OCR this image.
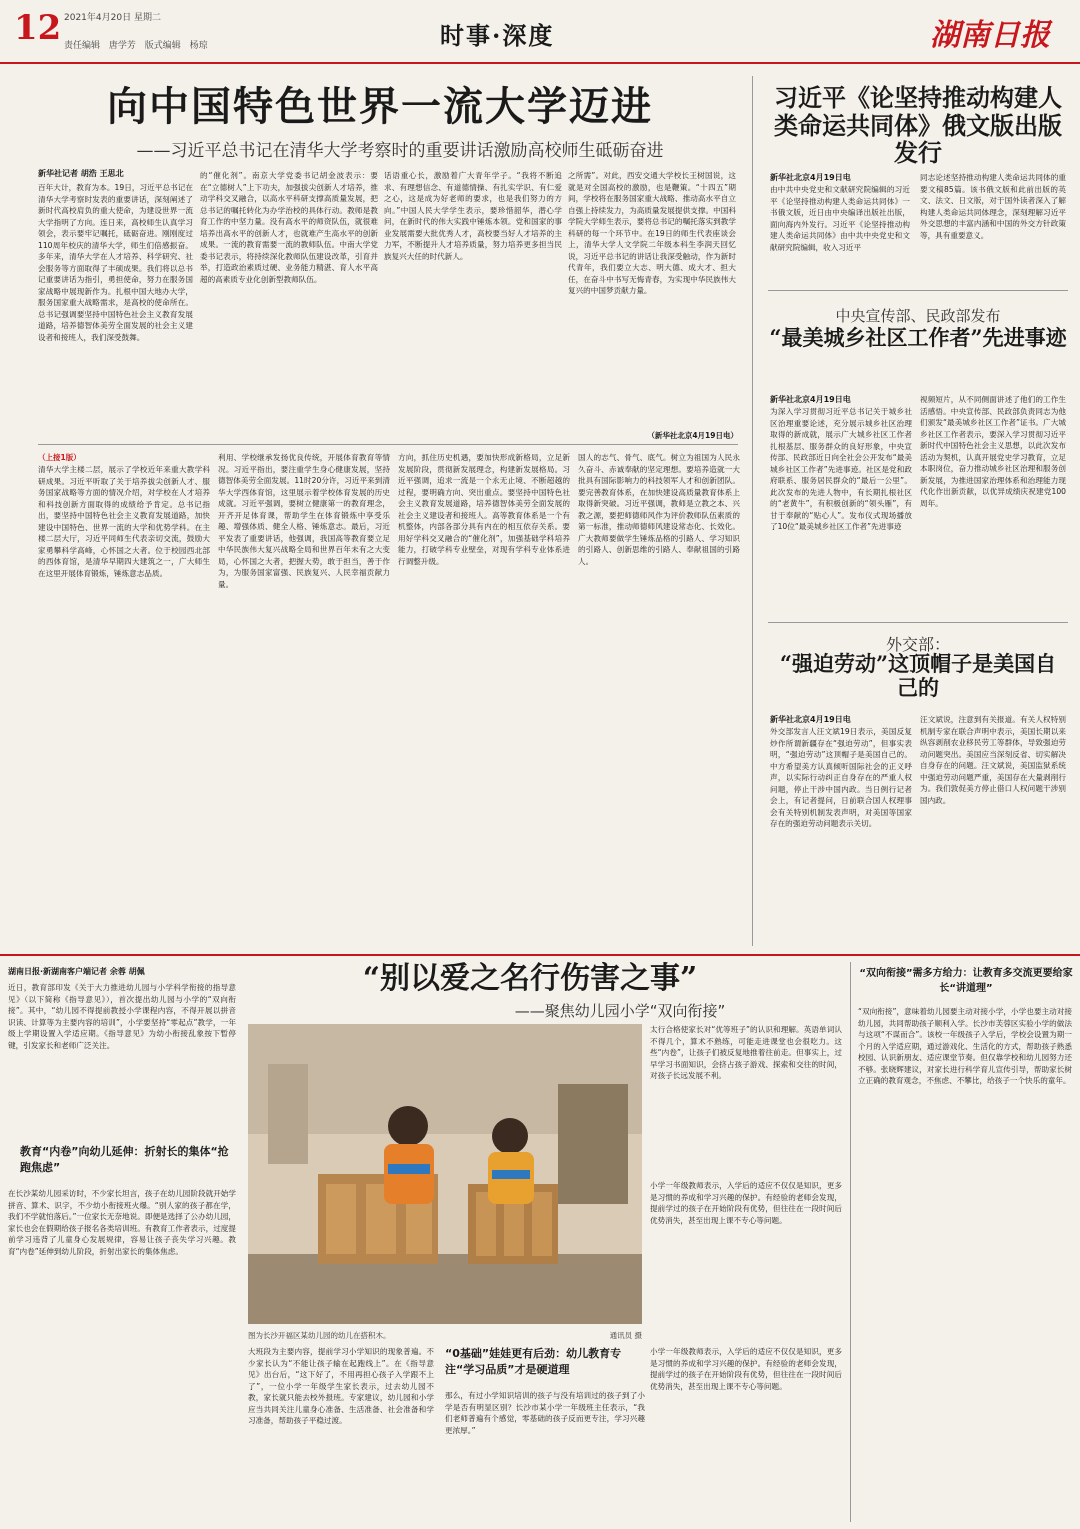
12 2021年4月20日 星期二
责任编辑 唐学芳 版式编辑 杨琼	时事·深度	湖南日报
向中国特色世界一流大学迈进
——习近平总书记在清华大学考察时的重要讲话激励高校师生砥砺奋进
新华社记者 胡浩 王思北
百年大计，教育为本。19日，习近平总书记在清华大学考察时发表的重要讲话，深刻阐述了新时代高校肩负的重大使命，为建设世界一流大学指明了方向。连日来，高校师生认真学习领会，表示要牢记嘱托，砥砺奋进。刚刚度过110周年校庆的清华大学，师生们倍感振奋。多年来，清华大学在人才培养、科学研究、社会服务等方面取得了丰硕成果。我们将以总书记重要讲话为指引，勇担使命，努力在服务国家战略中展现新作为。扎根中国大地办大学，服务国家重大战略需求，是高校的使命所在。总书记强调要坚持中国特色社会主义教育发展道路，培养德智体美劳全面发展的社会主义建设者和接班人，我们深受鼓舞。
的“催化剂”。南京大学党委书记胡金波表示：要在“立德树人”上下功夫，加强拔尖创新人才培养，推动学科交叉融合，以高水平科研支撑高质量发展，把总书记的嘱托转化为办学治校的具体行动。教师是教育工作的中坚力量。没有高水平的师资队伍，就很难培养出高水平的创新人才，也就难产生高水平的创新成果。一流的教育需要一流的教师队伍。中南大学党委书记表示，将持续深化教师队伍建设改革，引育并举，打造政治素质过硬、业务能力精湛、育人水平高超的高素质专业化创新型教师队伍。
话语重心长，激励着广大青年学子。“我将不断追求、有理想信念、有道德情操、有扎实学识、有仁爱之心，这是成为好老师的要求，也是我们努力的方向。”中国人民大学学生表示，要珍惜韶华，潜心学问，在新时代的伟大实践中锤炼本领。党和国家的事业发展需要大批优秀人才，高校要当好人才培养的主力军，不断提升人才培养质量，努力培养更多担当民族复兴大任的时代新人。
之所需”。对此，西安交通大学校长王树国说，这就是对全国高校的激励，也是鞭策。“十四五”期间，学校将在服务国家重大战略、推动高水平自立自强上持续发力，为高质量发展提供支撑。中国科学院大学师生表示，要将总书记的嘱托落实到教学科研的每一个环节中。在19日的师生代表座谈会上，清华大学人文学院二年级本科生李润天回忆说，习近平总书记的讲话让我深受触动，作为新时代青年，我们要立大志、明大德、成大才、担大任，在奋斗中书写无悔青春，为实现中华民族伟大复兴的中国梦贡献力量。
（新华社北京4月19日电）
（上接1版）
清华大学主楼二层，展示了学校近年来重大教学科研成果。习近平听取了关于培养拔尖创新人才、服务国家战略等方面的情况介绍，对学校在人才培养和科技创新方面取得的成绩给予肯定。总书记指出，要坚持中国特色社会主义教育发展道路，加快建设中国特色、世界一流的大学和优势学科。在主楼二层大厅，习近平同师生代表亲切交流，鼓励大家勇攀科学高峰，心怀国之大者。位于校园西北部的西体育馆，是清华早期四大建筑之一，广大师生在这里开展体育锻炼，锤炼意志品质。
利用、学校继承发扬优良传统，开展体育教育等情况。习近平指出，要注重学生身心健康发展，坚持德智体美劳全面发展。11时20分许，习近平来到清华大学西体育馆，这里展示着学校体育发展的历史成就。习近平强调，要树立健康第一的教育理念，开齐开足体育课，帮助学生在体育锻炼中享受乐趣、增强体质、健全人格、锤炼意志。最后，习近平发表了重要讲话，他强调，我国高等教育要立足中华民族伟大复兴战略全局和世界百年未有之大变局，心怀国之大者，把握大势，敢于担当，善于作为，为服务国家富强、民族复兴、人民幸福贡献力量。
方向，抓住历史机遇，要加快形成新格局，立足新发展阶段，贯彻新发展理念，构建新发展格局。习近平强调，追求一流是一个永无止境、不断超越的过程，要明确方向、突出重点。要坚持中国特色社会主义教育发展道路，培养德智体美劳全面发展的社会主义建设者和接班人。高等教育体系是一个有机整体，内部各部分具有内在的相互依存关系。要用好学科交叉融合的“催化剂”，加强基础学科培养能力，打破学科专业壁垒，对现有学科专业体系进行调整升级。
国人的志气、骨气、底气。树立为祖国为人民永久奋斗、赤诚奉献的坚定理想。要培养造就一大批具有国际影响力的科技领军人才和创新团队。要完善教育体系，在加快建设高质量教育体系上取得新突破。习近平强调，教师是立教之本、兴教之源，要把师德师风作为评价教师队伍素质的第一标准，推动师德师风建设常态化、长效化。广大教师要做学生锤炼品格的引路人、学习知识的引路人、创新思维的引路人、奉献祖国的引路人。
习近平《论坚持推动构建人类命运共同体》俄文版出版发行
新华社北京4月19日电
由中共中央党史和文献研究院编辑的习近平《论坚持推动构建人类命运共同体》一书俄文版，近日由中央编译出版社出版，面向海内外发行。习近平《论坚持推动构建人类命运共同体》由中共中央党史和文献研究院编辑，收入习近平
同志论述坚持推动构建人类命运共同体的重要文稿85篇。该书俄文版和此前出版的英文、法文、日文版，对于国外读者深入了解构建人类命运共同体理念，深刻理解习近平外交思想的丰富内涵和中国的外交方针政策等，具有重要意义。
中央宣传部、民政部发布
“最美城乡社区工作者”先进事迹
新华社北京4月19日电
为深入学习贯彻习近平总书记关于城乡社区治理重要论述，充分展示城乡社区治理取得的新成就，展示广大城乡社区工作者扎根基层、服务群众的良好形象，中央宣传部、民政部近日向全社会公开发布“最美城乡社区工作者”先进事迹。社区是党和政府联系、服务居民群众的“最后一公里”。此次发布的先进人物中，有长期扎根社区的“老黄牛”，有积极创新的“领头雁”，有甘于奉献的“贴心人”。发布仪式现场播放了10位“最美城乡社区工作者”先进事迹
视频短片，从不同侧面讲述了他们的工作生活感悟。中央宣传部、民政部负责同志为他们颁发“最美城乡社区工作者”证书。广大城乡社区工作者表示，要深入学习贯彻习近平新时代中国特色社会主义思想，以此次发布活动为契机，认真开展党史学习教育，立足本职岗位，奋力推动城乡社区治理和服务创新发展，为推进国家治理体系和治理能力现代化作出新贡献，以优异成绩庆祝建党100周年。
外交部：
“强迫劳动”这顶帽子是美国自己的
新华社北京4月19日电
外交部发言人汪文斌19日表示，美国反复炒作所谓新疆存在“强迫劳动”，但事实表明，“强迫劳动”这顶帽子是美国自己的。中方希望美方认真倾听国际社会的正义呼声，以实际行动纠正自身存在的严重人权问题，停止干涉中国内政。当日例行记者会上，有记者提问，日前联合国人权理事会有关特别机制发表声明，对美国等国家存在的强迫劳动问题表示关切。
汪文斌说，注意到有关报道。有关人权特别机制专家在联合声明中表示，美国长期以来纵容剥削农业移民劳工等群体，导致强迫劳动问题突出。美国应当深刻反省、切实解决自身存在的问题。汪文斌说，美国监狱系统中强迫劳动问题严重，美国存在大量剥削行为。我们敦促美方停止借口人权问题干涉别国内政。
湖南日报·新湖南客户端记者 余蓉 胡佩	“别以爱之名行伤害之事”
——聚焦幼儿园小学“双向衔接”
近日，教育部印发《关于大力推进幼儿园与小学科学衔接的指导意见》（以下简称《指导意见》），首次提出幼儿园与小学的“双向衔接”。其中，“幼儿园不得提前教授小学课程内容，不得开展以拼音识读、计算等为主要内容的培训”，小学要坚持“零起点”教学，一年级上学期设置入学适应期。《指导意见》为幼小衔接乱象按下暂停键，引发家长和老师广泛关注。
教育“内卷”向幼儿延伸：折射长的集体“抢跑焦虑”
在长沙某幼儿园采访时，不少家长坦言，孩子在幼儿园阶段就开始学拼音、算术、识字，不少幼小衔接班火爆。“别人家的孩子都在学，我们不学就怕落后。”一位家长无奈地说。即便是选择了公办幼儿园，家长也会在假期给孩子报名各类培训班。有教育工作者表示，过度提前学习违背了儿童身心发展规律，容易让孩子丧失学习兴趣。教育“内卷”延伸到幼儿阶段，折射出家长的集体焦虑。
图为长沙开福区某幼儿园的幼儿在搭积木。	通讯员 摄
大班段为主要内容，提前学习小学知识的现象普遍。不少家长认为“不能让孩子输在起跑线上”。在《指导意见》出台后，“这下好了，不用再担心孩子入学跟不上了”，一位小学一年级学生家长表示，过去幼儿园不教，家长就只能去校外报班。专家建议，幼儿园和小学应当共同关注儿童身心准备、生活准备、社会准备和学习准备，帮助孩子平稳过渡。
太行合格使家长对“优等班子”的认识和理解。英语单词认不得几个，算术不熟练，可能走进课堂也会很吃力。这些“内卷”，让孩子们被反复地推着往前走。但事实上，过早学习书面知识，会挤占孩子游戏、探索和交往的时间，对孩子长远发展不利。
小学一年级教师表示，入学后的适应不仅仅是知识，更多是习惯的养成和学习兴趣的保护。有经验的老师会发现，提前学过的孩子在开始阶段有优势，但往往在一段时间后优势消失，甚至出现上课不专心等问题。
“0基础”娃娃更有后劲：幼儿教育专注“学习品质”才是硬道理
那么，有过小学知识培训的孩子与没有培训过的孩子到了小学是否有明显区别？长沙市某小学一年级班主任表示，“我们老师普遍有个感觉，零基础的孩子反而更专注，学习兴趣更浓厚。”
小学一年级教师表示，入学后的适应不仅仅是知识，更多是习惯的养成和学习兴趣的保护。有经验的老师会发现，提前学过的孩子在开始阶段有优势，但往往在一段时间后优势消失，甚至出现上课不专心等问题。
“双向衔接”需多方给力：让教育多交流更要给家长“讲道理”
“双向衔接”，意味着幼儿园要主动对接小学，小学也要主动对接幼儿园，共同帮助孩子顺利入学。长沙市芙蓉区实验小学的做法与这项“不谋而合”。该校一年级孩子入学后，学校会设置为期一个月的入学适应期，通过游戏化、生活化的方式，帮助孩子熟悉校园、认识新朋友、适应课堂节奏。但仅靠学校和幼儿园努力还不够。张晓辉建议，对家长进行科学育儿宣传引导，帮助家长树立正确的教育观念，不焦虑、不攀比，给孩子一个快乐的童年。
